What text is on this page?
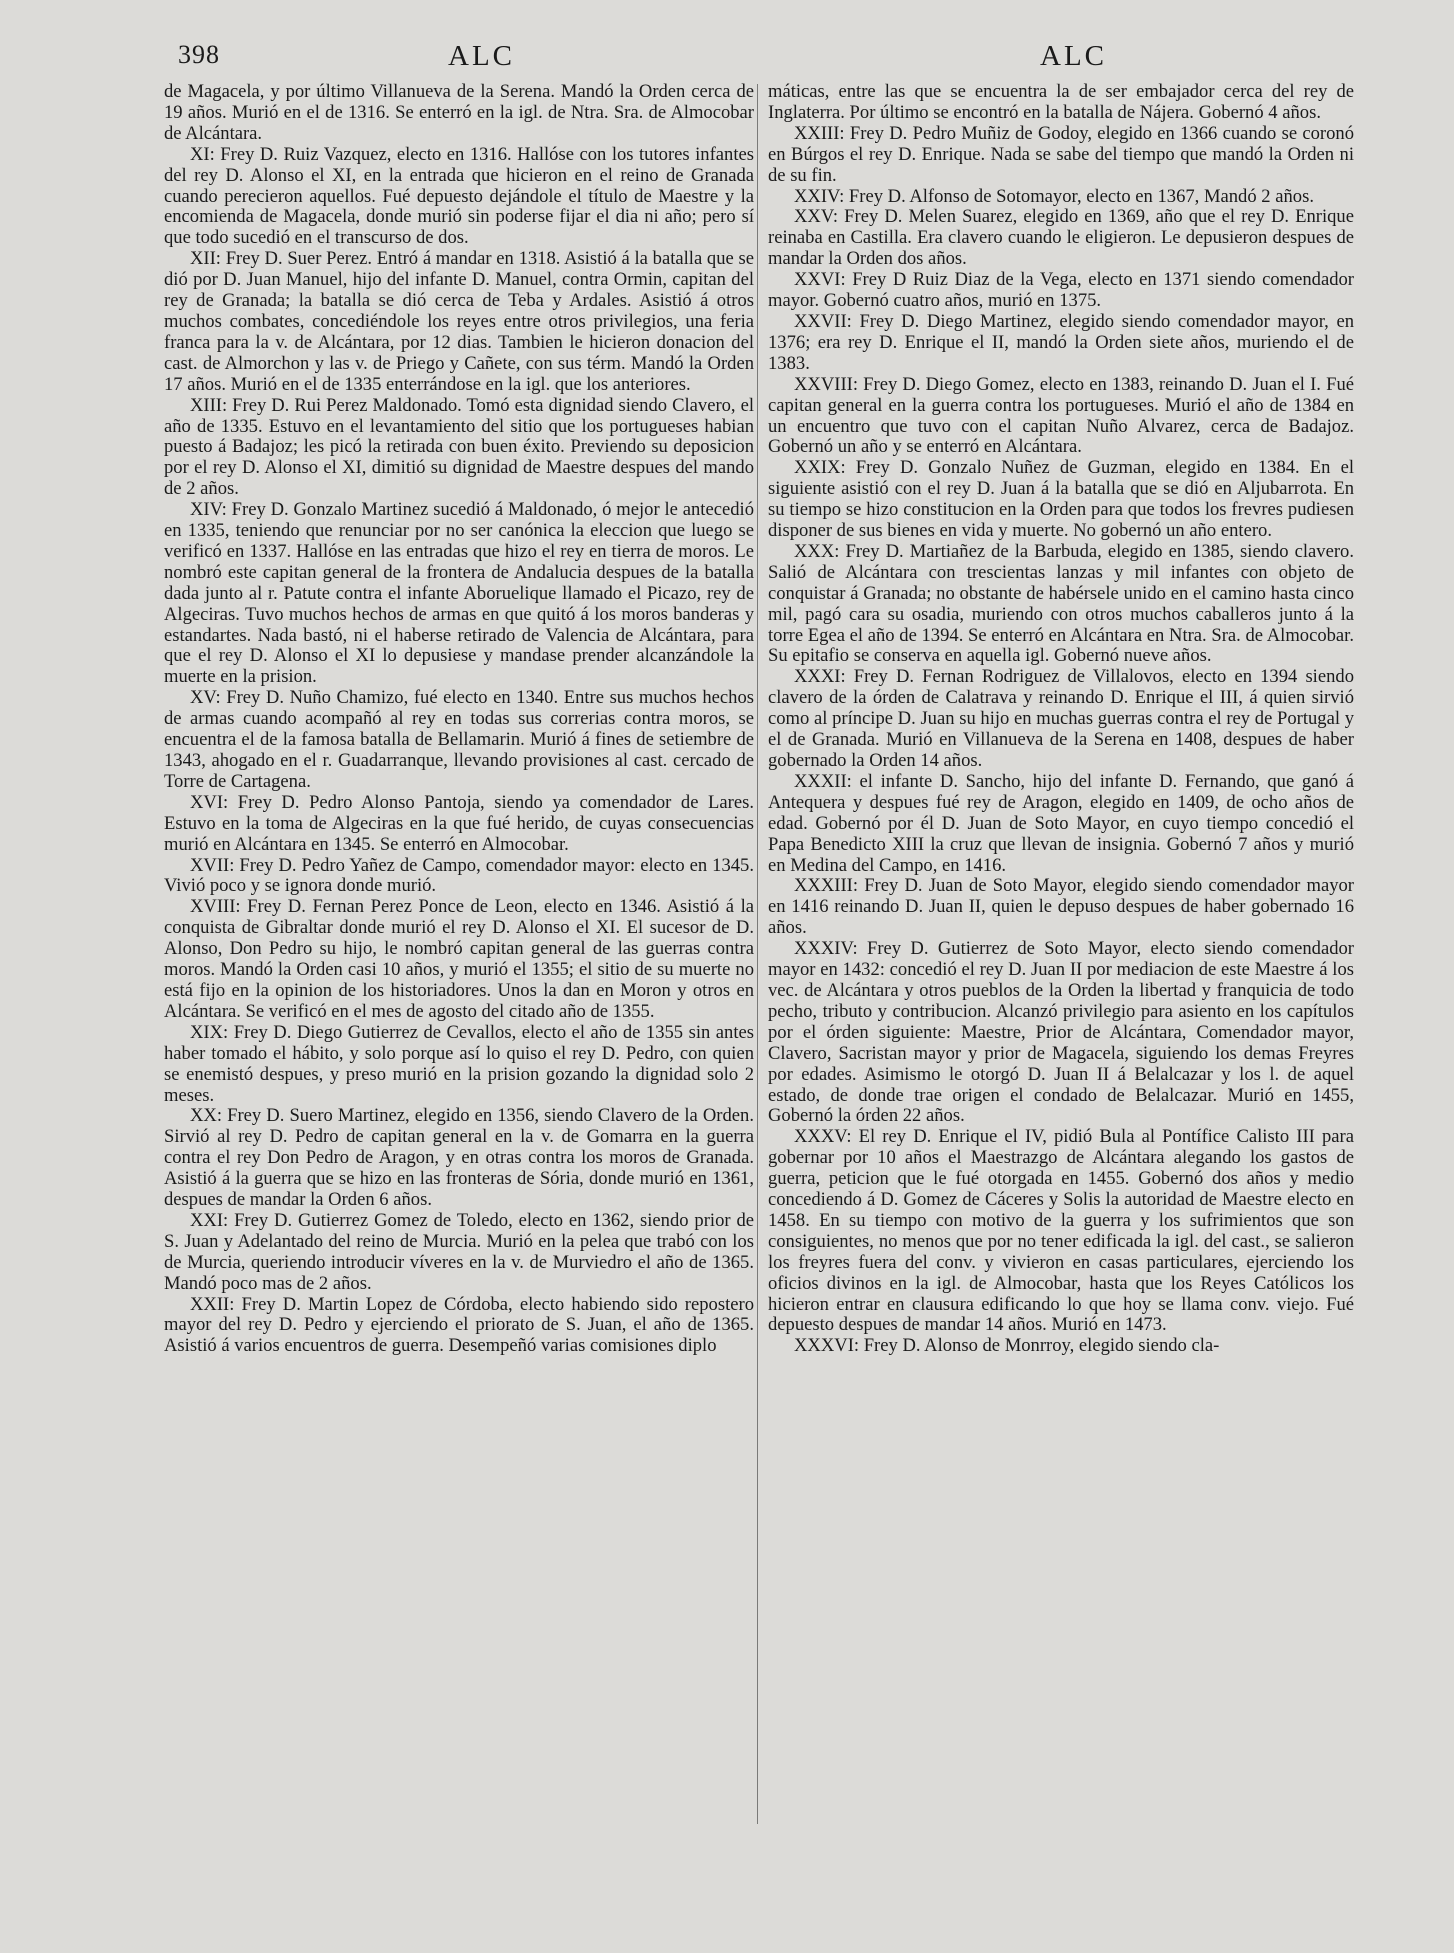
398	ALC	ALC

de Magacela, y por último Villanueva de la Serena. Mandó la Orden cerca de 19 años. Murió en el de 1316. Se enterró en la igl. de Ntra. Sra. de Almocobar de Alcántara.

XI: Frey D. Ruiz Vazquez, electo en 1316. Hallóse con los tutores infantes del rey D. Alonso el XI, en la entrada que hicieron en el reino de Granada cuando perecieron aquellos. Fué depuesto dejándole el título de Maestre y la encomienda de Magacela, donde murió sin poderse fijar el dia ni año; pero sí que todo sucedió en el transcurso de dos.

XII: Frey D. Suer Perez. Entró á mandar en 1318. Asistió á la batalla que se dió por D. Juan Manuel, hijo del infante D. Manuel, contra Ormin, capitan del rey de Granada; la batalla se dió cerca de Teba y Ardales. Asistió á otros muchos combates, concediéndole los reyes entre otros privilegios, una feria franca para la v. de Alcántara, por 12 dias. Tambien le hicieron donacion del cast. de Almorchon y las v. de Priego y Cañete, con sus térm. Mandó la Orden 17 años. Murió en el de 1335 enterrándose en la igl. que los anteriores.

XIII: Frey D. Rui Perez Maldonado. Tomó esta dignidad siendo Clavero, el año de 1335. Estuvo en el levantamiento del sitio que los portugueses habian puesto á Badajoz; les picó la retirada con buen éxito. Previendo su deposicion por el rey D. Alonso el XI, dimitió su dignidad de Maestre despues del mando de 2 años.

XIV: Frey D. Gonzalo Martinez sucedió á Maldonado, ó mejor le antecedió en 1335, teniendo que renunciar por no ser canónica la eleccion que luego se verificó en 1337. Hallóse en las entradas que hizo el rey en tierra de moros. Le nombró este capitan general de la frontera de Andalucia despues de la batalla dada junto al r. Patute contra el infante Aboruelique llamado el Picazo, rey de Algeciras. Tuvo muchos hechos de armas en que quitó á los moros banderas y estandartes. Nada bastó, ni el haberse retirado de Valencia de Alcántara, para que el rey D. Alonso el XI lo depusiese y mandase prender alcanzándole la muerte en la prision.

XV: Frey D. Nuño Chamizo, fué electo en 1340. Entre sus muchos hechos de armas cuando acompañó al rey en todas sus correrias contra moros, se encuentra el de la famosa batalla de Bellamarin. Murió á fines de setiembre de 1343, ahogado en el r. Guadarranque, llevando provisiones al cast. cercado de Torre de Cartagena.

XVI: Frey D. Pedro Alonso Pantoja, siendo ya comendador de Lares. Estuvo en la toma de Algeciras en la que fué herido, de cuyas consecuencias murió en Alcántara en 1345. Se enterró en Almocobar.

XVII: Frey D. Pedro Yañez de Campo, comendador mayor: electo en 1345. Vivió poco y se ignora donde murió.

XVIII: Frey D. Fernan Perez Ponce de Leon, electo en 1346. Asistió á la conquista de Gibraltar donde murió el rey D. Alonso el XI. El sucesor de D. Alonso, Don Pedro su hijo, le nombró capitan general de las guerras contra moros. Mandó la Orden casi 10 años, y murió el 1355; el sitio de su muerte no está fijo en la opinion de los historiadores. Unos la dan en Moron y otros en Alcántara. Se verificó en el mes de agosto del citado año de 1355.

XIX: Frey D. Diego Gutierrez de Cevallos, electo el año de 1355 sin antes haber tomado el hábito, y solo porque así lo quiso el rey D. Pedro, con quien se enemistó despues, y preso murió en la prision gozando la dignidad solo 2 meses.

XX: Frey D. Suero Martinez, elegido en 1356, siendo Clavero de la Orden. Sirvió al rey D. Pedro de capitan general en la v. de Gomarra en la guerra contra el rey Don Pedro de Aragon, y en otras contra los moros de Granada. Asistió á la guerra que se hizo en las fronteras de Sória, donde murió en 1361, despues de mandar la Orden 6 años.

XXI: Frey D. Gutierrez Gomez de Toledo, electo en 1362, siendo prior de S. Juan y Adelantado del reino de Murcia. Murió en la pelea que trabó con los de Murcia, queriendo introducir víveres en la v. de Murviedro el año de 1365. Mandó poco mas de 2 años.

XXII: Frey D. Martin Lopez de Córdoba, electo habiendo sido repostero mayor del rey D. Pedro y ejerciendo el priorato de S. Juan, el año de 1365. Asistió á varios encuentros de guerra. Desempeñó varias comisiones diplo

máticas, entre las que se encuentra la de ser embajador cerca del rey de Inglaterra. Por último se encontró en la batalla de Nájera. Gobernó 4 años.

XXIII: Frey D. Pedro Muñiz de Godoy, elegido en 1366 cuando se coronó en Búrgos el rey D. Enrique. Nada se sabe del tiempo que mandó la Orden ni de su fin.

XXIV: Frey D. Alfonso de Sotomayor, electo en 1367, Mandó 2 años.

XXV: Frey D. Melen Suarez, elegido en 1369, año que el rey D. Enrique reinaba en Castilla. Era clavero cuando le eligieron. Le depusieron despues de mandar la Orden dos años.

XXVI: Frey D Ruiz Diaz de la Vega, electo en 1371 siendo comendador mayor. Gobernó cuatro años, murió en 1375.

XXVII: Frey D. Diego Martinez, elegido siendo comendador mayor, en 1376; era rey D. Enrique el II, mandó la Orden siete años, muriendo el de 1383.

XXVIII: Frey D. Diego Gomez, electo en 1383, reinando D. Juan el I. Fué capitan general en la guerra contra los portugueses. Murió el año de 1384 en un encuentro que tuvo con el capitan Nuño Alvarez, cerca de Badajoz. Gobernó un año y se enterró en Alcántara.

XXIX: Frey D. Gonzalo Nuñez de Guzman, elegido en 1384. En el siguiente asistió con el rey D. Juan á la batalla que se dió en Aljubarrota. En su tiempo se hizo constitucion en la Orden para que todos los frevres pudiesen disponer de sus bienes en vida y muerte. No gobernó un año entero.

XXX: Frey D. Martiañez de la Barbuda, elegido en 1385, siendo clavero. Salió de Alcántara con trescientas lanzas y mil infantes con objeto de conquistar á Granada; no obstante de habérsele unido en el camino hasta cinco mil, pagó cara su osadia, muriendo con otros muchos caballeros junto á la torre Egea el año de 1394. Se enterró en Alcántara en Ntra. Sra. de Almocobar. Su epitafio se conserva en aquella igl. Gobernó nueve años.

XXXI: Frey D. Fernan Rodriguez de Villalovos, electo en 1394 siendo clavero de la órden de Calatrava y reinando D. Enrique el III, á quien sirvió como al príncipe D. Juan su hijo en muchas guerras contra el rey de Portugal y el de Granada. Murió en Villanueva de la Serena en 1408, despues de haber gobernado la Orden 14 años.

XXXII: el infante D. Sancho, hijo del infante D. Fernando, que ganó á Antequera y despues fué rey de Aragon, elegido en 1409, de ocho años de edad. Gobernó por él D. Juan de Soto Mayor, en cuyo tiempo concedió el Papa Benedicto XIII la cruz que llevan de insignia. Gobernó 7 años y murió en Medina del Campo, en 1416.

XXXIII: Frey D. Juan de Soto Mayor, elegido siendo comendador mayor en 1416 reinando D. Juan II, quien le depuso despues de haber gobernado 16 años.

XXXIV: Frey D. Gutierrez de Soto Mayor, electo siendo comendador mayor en 1432: concedió el rey D. Juan II por mediacion de este Maestre á los vec. de Alcántara y otros pueblos de la Orden la libertad y franquicia de todo pecho, tributo y contribucion. Alcanzó privilegio para asiento en los capítulos por el órden siguiente: Maestre, Prior de Alcántara, Comendador mayor, Clavero, Sacristan mayor y prior de Magacela, siguiendo los demas Freyres por edades. Asimismo le otorgó D. Juan II á Belalcazar y los l. de aquel estado, de donde trae origen el condado de Belalcazar. Murió en 1455, Gobernó la órden 22 años.

XXXV: El rey D. Enrique el IV, pidió Bula al Pontífice Calisto III para gobernar por 10 años el Maestrazgo de Alcántara alegando los gastos de guerra, peticion que le fué otorgada en 1455. Gobernó dos años y medio concediendo á D. Gomez de Cáceres y Solis la autoridad de Maestre electo en 1458. En su tiempo con motivo de la guerra y los sufrimientos que son consiguientes, no menos que por no tener edificada la igl. del cast., se salieron los freyres fuera del conv. y vivieron en casas particulares, ejerciendo los oficios divinos en la igl. de Almocobar, hasta que los Reyes Católicos los hicieron entrar en clausura edificando lo que hoy se llama conv. viejo. Fué depuesto despues de mandar 14 años. Murió en 1473.

XXXVI: Frey D. Alonso de Monrroy, elegido siendo cla-
